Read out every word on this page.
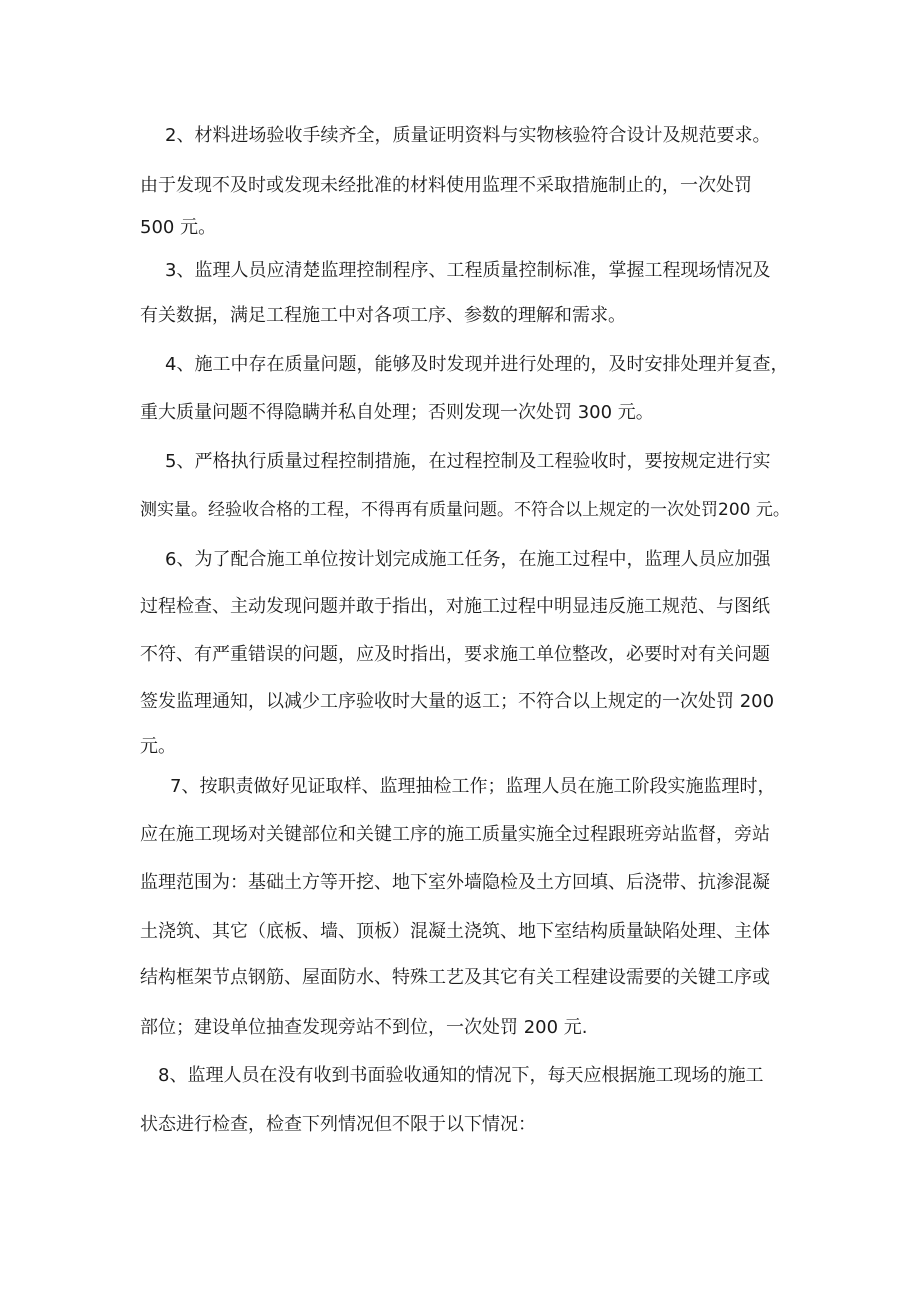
2、材料进场验收手续齐全，质量证明资料与实物核验符合设计及规范要求。
由于发现不及时或发现未经批准的材料使用监理不采取措施制止的，一次处罚
500 元。
3、监理人员应清楚监理控制程序、工程质量控制标准，掌握工程现场情况及
有关数据，满足工程施工中对各项工序、参数的理解和需求。
4、施工中存在质量问题，能够及时发现并进行处理的，及时安排处理并复查，
重大质量问题不得隐瞒并私自处理；否则发现一次处罚 300 元。
5、严格执行质量过程控制措施，在过程控制及工程验收时，要按规定进行实
测实量。经验收合格的工程，不得再有质量问题。不符合以上规定的一次处罚200 元。
6、为了配合施工单位按计划完成施工任务，在施工过程中，监理人员应加强
过程检查、主动发现问题并敢于指出，对施工过程中明显违反施工规范、与图纸
不符、有严重错误的问题，应及时指出，要求施工单位整改，必要时对有关问题
签发监理通知，以减少工序验收时大量的返工；不符合以上规定的一次处罚 200
元。
7、按职责做好见证取样、监理抽检工作；监理人员在施工阶段实施监理时，
应在施工现场对关键部位和关键工序的施工质量实施全过程跟班旁站监督，旁站
监理范围为：基础土方等开挖、地下室外墙隐检及土方回填、后浇带、抗渗混凝
土浇筑、其它（底板、墙、顶板）混凝土浇筑、地下室结构质量缺陷处理、主体
结构框架节点钢筋、屋面防水、特殊工艺及其它有关工程建设需要的关键工序或
部位；建设单位抽查发现旁站不到位，一次处罚 200 元.
8、监理人员在没有收到书面验收通知的情况下，每天应根据施工现场的施工
状态进行检查，检查下列情况但不限于以下情况：
